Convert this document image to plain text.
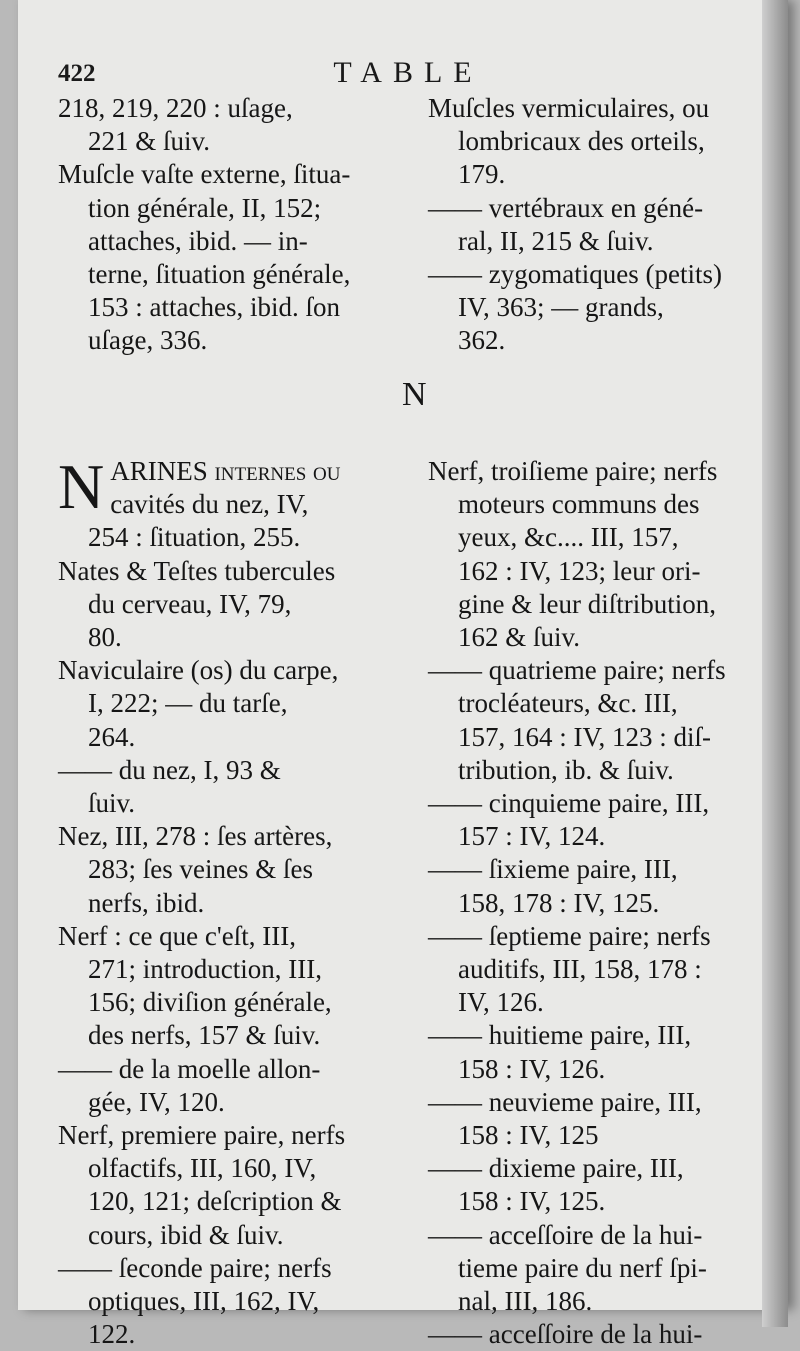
422	TABLE
218, 219, 220 : uſage,
221 & ſuiv.
Muſcle vaſte externe, ſitua-
tion générale, II, 152;
attaches, ibid. — in-
terne, ſituation générale,
153 : attaches, ibid. ſon
uſage, 336.
Muſcles vermiculaires, ou
lombricaux des orteils,
179.
—— vertébraux en géné-
ral, II, 215 & ſuiv.
—— zygomatiques (petits)
IV, 363; — grands,
362.
N
N ARINES internes ou
cavités du nez, IV,
254 : ſituation, 255.
Nates & Teſtes tubercules
du cerveau, IV, 79,
80.
Naviculaire (os) du carpe,
I, 222; — du tarſe,
264.
—— du nez, I, 93 &
ſuiv.
Nez, III, 278 : ſes artères,
283; ſes veines & ſes
nerfs, ibid.
Nerf : ce que c'eſt, III,
271; introduction, III,
156; diviſion générale,
des nerfs, 157 & ſuiv.
—— de la moelle allon-
gée, IV, 120.
Nerf, premiere paire, nerfs
olfactifs, III, 160, IV,
120, 121; deſcription &
cours, ibid & ſuiv.
—— ſeconde paire; nerfs
optiques, III, 162, IV,
122.
Nerf, troiſieme paire; nerfs
moteurs communs des
yeux, &c.... III, 157,
162 : IV, 123; leur ori-
gine & leur diſtribution,
162 & ſuiv.
—— quatrieme paire; nerfs
trocléateurs, &c. III,
157, 164 : IV, 123 : diſ-
tribution, ib. & ſuiv.
—— cinquieme paire, III,
157 : IV, 124.
—— ſixieme paire, III,
158, 178 : IV, 125.
—— ſeptieme paire; nerfs
auditifs, III, 158, 178 :
IV, 126.
—— huitieme paire, III,
158 : IV, 126.
—— neuvieme paire, III,
158 : IV, 125
—— dixieme paire, III,
158 : IV, 125.
—— acceſſoire de la hui-
tieme paire du nerf ſpi-
nal, III, 186.
—— acceſſoire de la hui-
